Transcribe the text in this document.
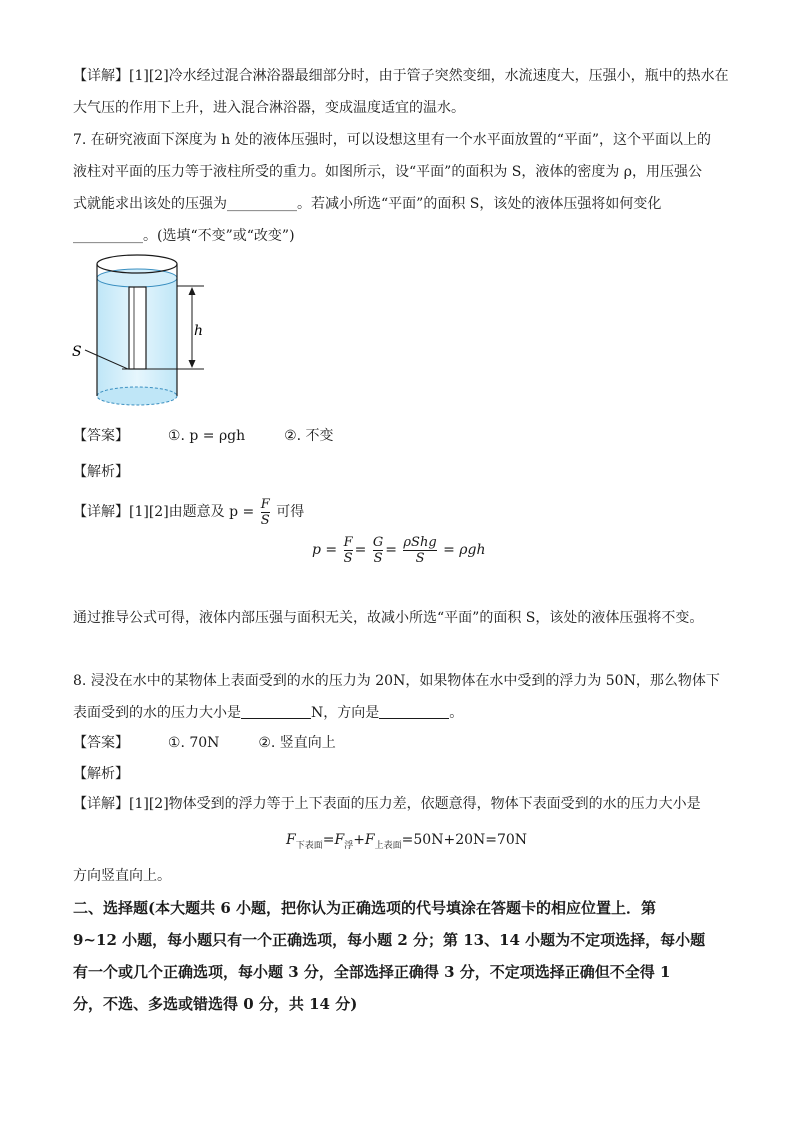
【详解】[1][2]冷水经过混合淋浴器最细部分时，由于管子突然变细，水流速度大，压强小，瓶中的热水在
大气压的作用下上升，进入混合淋浴器，变成温度适宜的温水。
7. 在研究液面下深度为 h 处的液体压强时，可以设想这里有一个水平面放置的“平面”，这个平面以上的
液柱对平面的压力等于液柱所受的重力。如图所示，设“平面”的面积为 S，液体的密度为 ρ，用压强公
式就能求出该处的压强为__________。若减小所选“平面”的面积 S，该处的液体压强将如何变化
__________。(选填“不变”或“改变”)
h
S
【答案】	①. p = ρgh	②. 不变
【解析】
【详解】[1][2]由题意及 $p = \frac{F}{S}$ 可得
$p = \frac{F}{S} = \frac{G}{S} = \frac{\text{ρShg}}{S} = \rho gh$
通过推导公式可得，液体内部压强与面积无关，故减小所选“平面”的面积 S，该处的液体压强将不变。
8. 浸没在水中的某物体上表面受到的水的压力为 20N，如果物体在水中受到的浮力为 50N，那么物体下
表面受到的水的压力大小是	N，方向是	。
【答案】	①. 70N	②. 竖直向上
【解析】
【详解】[1][2]物体受到的浮力等于上下表面的压力差，依题意得，物体下表面受到的水的压力大小是
$F_{下表面}=F_浮+F_{上表面}=50N+20N=70N$
方向竖直向上。
二、选择题(本大题共 6 小题，把你认为正确选项的代号填涂在答题卡的相应位置上．第
9~12 小题，每小题只有一个正确选项，每小题 2 分；第 13、14 小题为不定项选择，每小题
有一个或几个正确选项，每小题 3 分，全部选择正确得 3 分，不定项选择正确但不全得 1
分，不选、多选或错选得 0 分，共 14 分)
